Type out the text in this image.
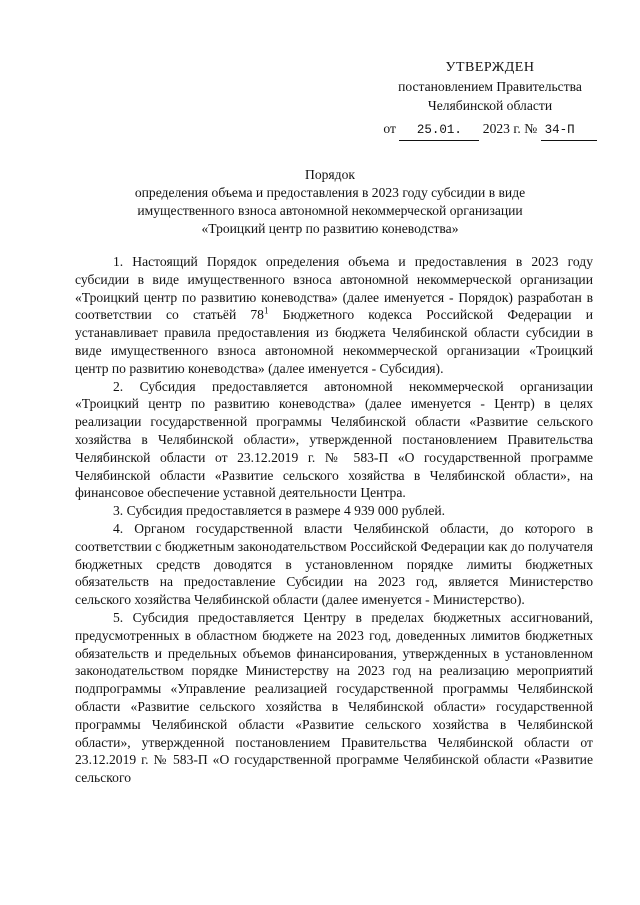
УТВЕРЖДЕН
постановлением Правительства
Челябинской области
от 25.01. 2023 г. № 34-П
Порядок
определения объема и предоставления в 2023 году субсидии в виде
имущественного взноса автономной некоммерческой организации
«Троицкий центр по развитию коневодства»

1. Настоящий Порядок определения объема и предоставления в 2023 году субсидии в виде имущественного взноса автономной некоммерческой организации «Троицкий центр по развитию коневодства» (далее именуется - Порядок) разработан в соответствии со статьёй $78^1$ Бюджетного кодекса Российской Федерации и устанавливает правила предоставления из бюджета Челябинской области субсидии в виде имущественного взноса автономной некоммерческой организации «Троицкий центр по развитию коневодства» (далее именуется - Субсидия).

2. Субсидия предоставляется автономной некоммерческой организации «Троицкий центр по развитию коневодства» (далее именуется - Центр) в целях реализации государственной программы Челябинской области «Развитие сельского хозяйства в Челябинской области», утвержденной постановлением Правительства Челябинской области от 23.12.2019 г. № 583-П «О государственной программе Челябинской области «Развитие сельского хозяйства в Челябинской области», на финансовое обеспечение уставной деятельности Центра.

3. Субсидия предоставляется в размере 4 939 000 рублей.

4. Органом государственной власти Челябинской области, до которого в соответствии с бюджетным законодательством Российской Федерации как до получателя бюджетных средств доводятся в установленном порядке лимиты бюджетных обязательств на предоставление Субсидии на 2023 год, является Министерство сельского хозяйства Челябинской области (далее именуется - Министерство).

5. Субсидия предоставляется Центру в пределах бюджетных ассигнований, предусмотренных в областном бюджете на 2023 год, доведенных лимитов бюджетных обязательств и предельных объемов финансирования, утвержденных в установленном законодательством порядке Министерству на 2023 год на реализацию мероприятий подпрограммы «Управление реализацией государственной программы Челябинской области «Развитие сельского хозяйства в Челябинской области» государственной программы Челябинской области «Развитие сельского хозяйства в Челябинской области», утвержденной постановлением Правительства Челябинской области от 23.12.2019 г. № 583-П «О государственной программе Челябинской области «Развитие сельского
